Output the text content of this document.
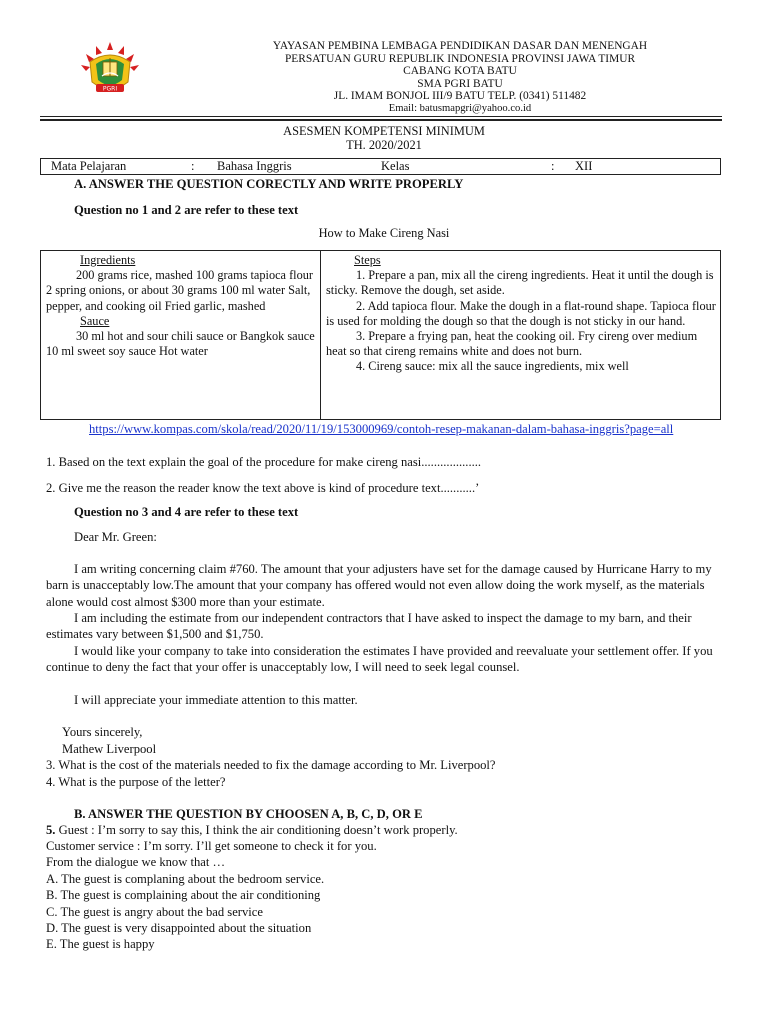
PGRI
YAYASAN PEMBINA LEMBAGA PENDIDIKAN DASAR DAN MENENGAH
PERSATUAN GURU REPUBLIK INDONESIA PROVINSI JAWA TIMUR
CABANG KOTA BATU
SMA PGRI BATU
JL. IMAM BONJOL III/9 BATU TELP. (0341) 511482
Email: batusmapgri@yahoo.co.id
ASESMEN KOMPETENSI MINIMUM
TH. 2020/2021
Mata Pelajaran	: Bahasa Inggris	Kelas	: XII
A. ANSWER THE QUESTION CORECTLY AND WRITE PROPERLY
Question no 1 and 2 are refer to these text
How to Make Cireng Nasi
Ingredients
200 grams rice, mashed 100 grams tapioca flour 2 spring onions, or about 30 grams 100 ml water Salt, pepper, and cooking oil Fried garlic, mashed
Sauce
30 ml hot and sour chili sauce or Bangkok sauce 10 ml sweet soy sauce Hot water

Steps
1. Prepare a pan, mix all the cireng ingredients. Heat it until the dough is sticky. Remove the dough, set aside.
2. Add tapioca flour. Make the dough in a flat-round shape. Tapioca flour is used for molding the dough so that the dough is not sticky in our hand.
3. Prepare a frying pan, heat the cooking oil. Fry cireng over medium heat so that cireng remains white and does not burn.
4. Cireng sauce: mix all the sauce ingredients, mix well
https://www.kompas.com/skola/read/2020/11/19/153000969/contoh-resep-makanan-dalam-bahasa-inggris?page=all
1. Based on the text explain the goal of the procedure for make cireng nasi...................
2. Give me the reason the reader know the text above is kind of procedure text...........’
Question no 3 and 4 are refer to these text
Dear Mr. Green:
I am writing concerning claim #760. The amount that your adjusters have set for the damage caused by Hurricane Harry to my barn is unacceptably low.The amount that your company has offered would not even allow doing the work myself, as the materials alone would cost almost $300 more than your estimate.
I am including the estimate from our independent contractors that I have asked to inspect the damage to my barn, and their estimates vary between $1,500 and $1,750.
I would like your company to take into consideration the estimates I have provided and reevaluate your settlement offer. If you continue to deny the fact that your offer is unacceptably low, I will need to seek legal counsel.
I will appreciate your immediate attention to this matter.
Yours sincerely,
Mathew Liverpool
3. What is the cost of the materials needed to fix the damage according to Mr. Liverpool?
4. What is the purpose of the letter?
B. ANSWER THE QUESTION BY CHOOSEN A, B, C, D, OR E
5. Guest : I’m sorry to say this, I think the air conditioning doesn’t work properly.
Customer service : I’m sorry. I’ll get someone to check it for you.
From the dialogue we know that …
A. The guest is complaning about the bedroom service.
B. The guest is complaining about the air conditioning
C. The guest is angry about the bad service
D. The guest is very disappointed about the situation
E. The guest is happy
